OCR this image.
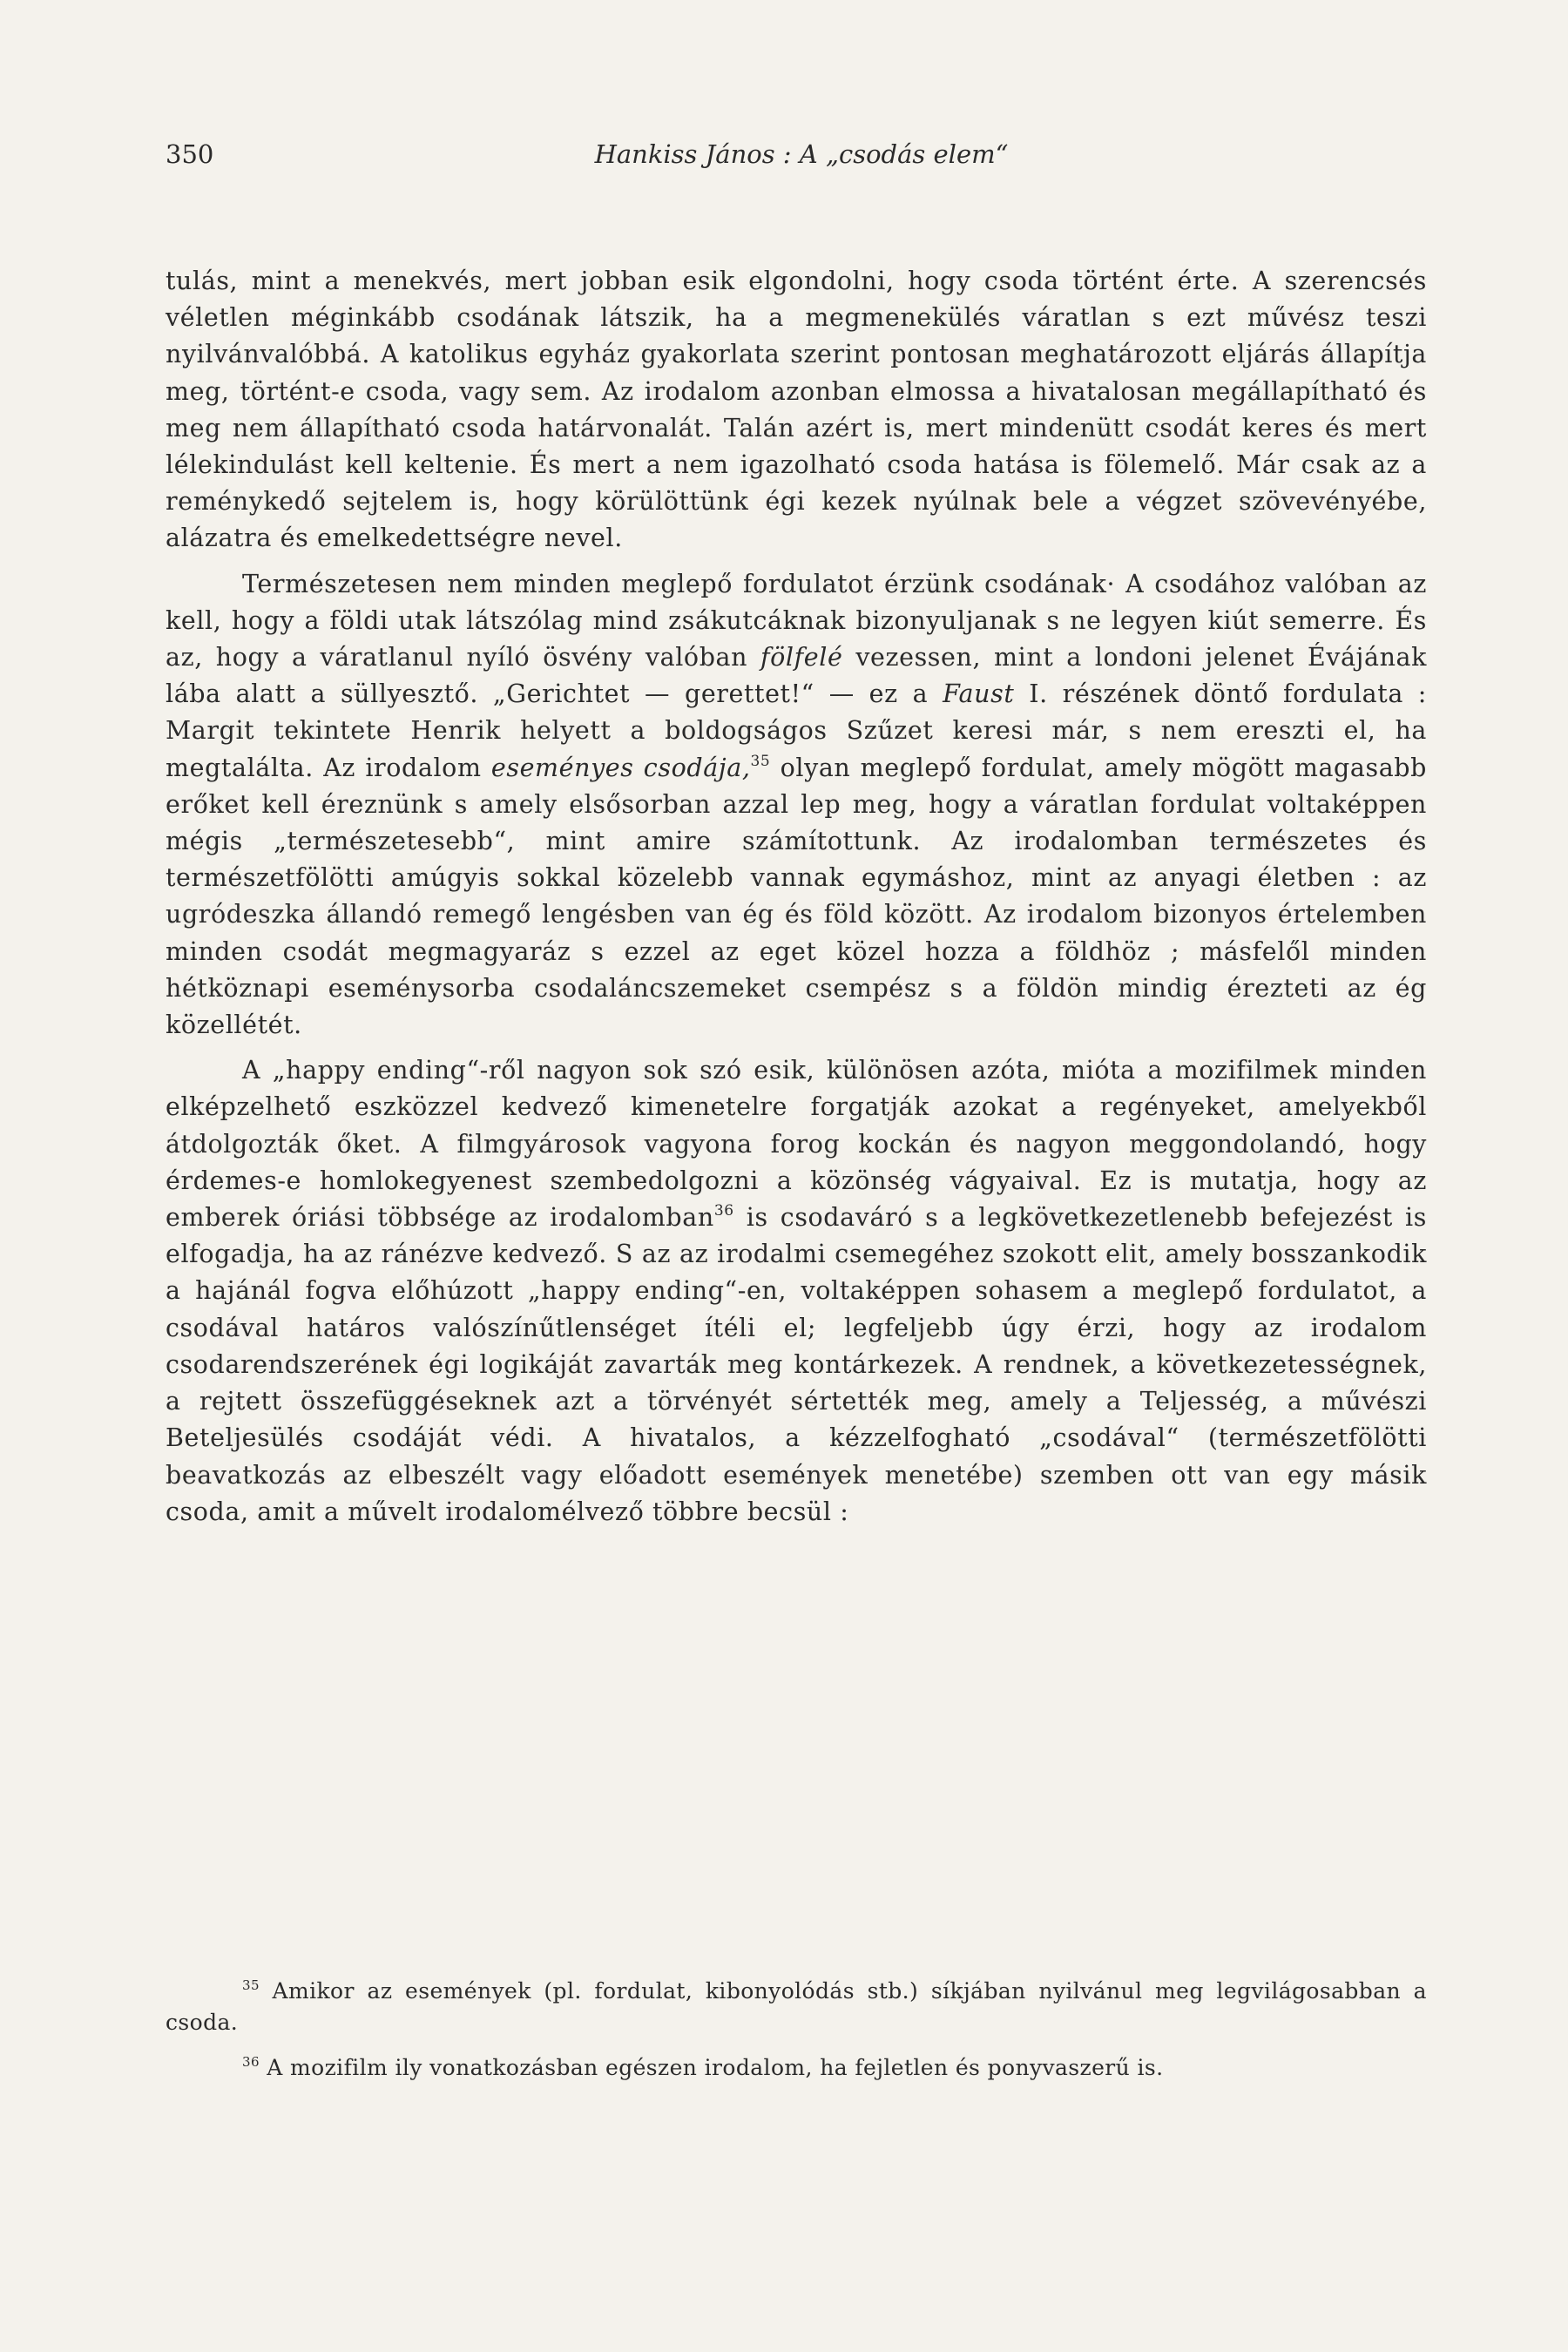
350	Hankiss János : A „csodás elem“

tulás, mint a menekvés, mert jobban esik elgondolni, hogy csoda történt érte. A szerencsés véletlen méginkább csodának látszik, ha a megmenekülés váratlan s ezt művész teszi nyilvánvalóbbá. A katolikus egyház gyakorlata szerint pontosan meghatározott eljárás állapítja meg, történt-e csoda, vagy sem. Az irodalom azonban elmossa a hivatalosan megállapítható és meg nem állapítható csoda határvonalát. Talán azért is, mert mindenütt csodát keres és mert lélekindulást kell keltenie. És mert a nem igazolható csoda hatása is fölemelő. Már csak az a reménykedő sejtelem is, hogy körülöttünk égi kezek nyúlnak bele a végzet szövevényébe, alázatra és emelkedettségre nevel.

Természetesen nem minden meglepő fordulatot érzünk csodának· A csodához valóban az kell, hogy a földi utak látszólag mind zsákutcáknak bizonyuljanak s ne legyen kiút semerre. És az, hogy a váratlanul nyíló ösvény valóban fölfelé vezessen, mint a londoni jelenet Évájának lába alatt a süllyesztő. „Gerichtet — gerettet!“ — ez a Faust I. részének döntő fordulata : Margit tekintete Henrik helyett a boldogságos Szűzet keresi már, s nem ereszti el, ha megtalálta. Az irodalom eseményes csodája,$^{35}$ olyan meglepő fordulat, amely mögött magasabb erőket kell éreznünk s amely elsősorban azzal lep meg, hogy a váratlan fordulat voltaképpen mégis „természetesebb“, mint amire számítottunk. Az irodalomban természetes és természetfölötti amúgyis sokkal közelebb vannak egymáshoz, mint az anyagi életben : az ugródeszka állandó remegő lengésben van ég és föld között. Az irodalom bizonyos értelemben minden csodát megmagyaráz s ezzel az eget közel hozza a földhöz ; másfelől minden hétköznapi eseménysorba csodaláncszemeket csempész s a földön mindig érezteti az ég közellétét.

A „happy ending“-ről nagyon sok szó esik, különösen azóta, mióta a mozifilmek minden elképzelhető eszközzel kedvező kimenetelre forgatják azokat a regényeket, amelyekből átdolgozták őket. A filmgyárosok vagyona forog kockán és nagyon meggondolandó, hogy érdemes-e homlokegyenest szembedolgozni a közönség vágyaival. Ez is mutatja, hogy az emberek óriási többsége az irodalomban$^{36}$ is csodaváró s a legkövetkezetlenebb befejezést is elfogadja, ha az ránézve kedvező. S az az irodalmi csemegéhez szokott elit, amely bosszankodik a hajánál fogva előhúzott „happy ending“-en, voltaképpen sohasem a meglepő fordulatot, a csodával határos valószínűtlenséget ítéli el; legfeljebb úgy érzi, hogy az irodalom csodarendszerének égi logikáját zavarták meg kontárkezek. A rendnek, a következetességnek, a rejtett összefüggéseknek azt a törvényét sértették meg, amely a Teljesség, a művészi Beteljesülés csodáját védi. A hivatalos, a kézzelfogható „csodával“ (természetfölötti beavatkozás az elbeszélt vagy előadott események menetébe) szemben ott van egy másik csoda, amit a művelt irodalomélvező többre becsül :

$^{35}$ Amikor az események (pl. fordulat, kibonyolódás stb.) síkjában nyilvánul meg legvilágosabban a csoda.

$^{36}$ A mozifilm ily vonatkozásban egészen irodalom, ha fejletlen és ponyvaszerű is.
